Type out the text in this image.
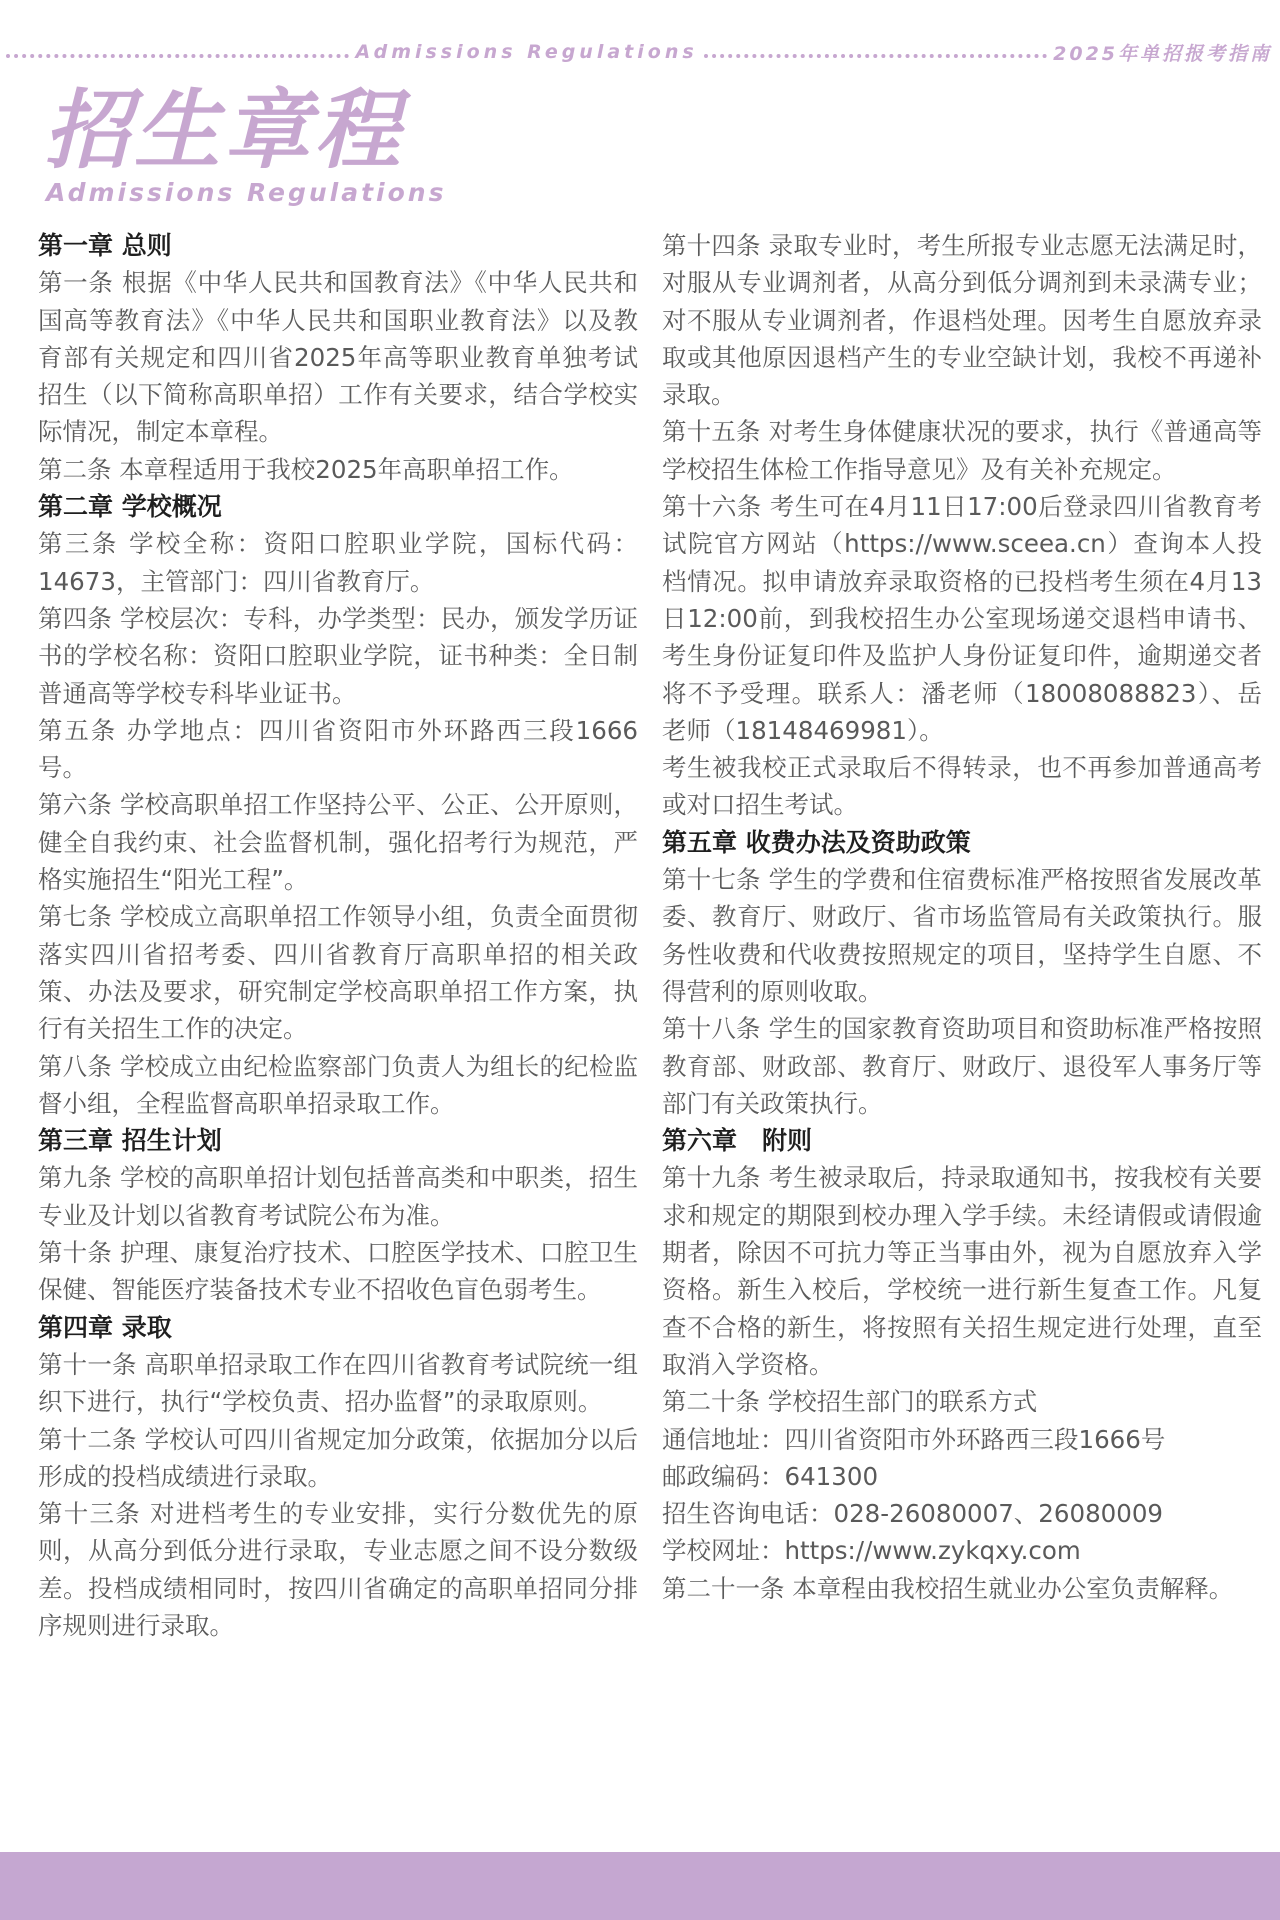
Admissions Regulations	2025年单招报考指南
招生章程
Admissions Regulations
第一章 总则

第一条 根据《中华人民共和国教育法》《中华人民共和国高等教育法》《中华人民共和国职业教育法》以及教育部有关规定和四川省2025年高等职业教育单独考试招生（以下简称高职单招）工作有关要求，结合学校实际情况，制定本章程。

第二条 本章程适用于我校2025年高职单招工作。

第二章 学校概况

第三条 学校全称：资阳口腔职业学院，国标代码：14673，主管部门：四川省教育厅。

第四条 学校层次：专科，办学类型：民办，颁发学历证书的学校名称：资阳口腔职业学院，证书种类：全日制普通高等学校专科毕业证书。

第五条 办学地点：四川省资阳市外环路西三段1666号。

第六条 学校高职单招工作坚持公平、公正、公开原则，健全自我约束、社会监督机制，强化招考行为规范，严格实施招生“阳光工程”。

第七条 学校成立高职单招工作领导小组，负责全面贯彻落实四川省招考委、四川省教育厅高职单招的相关政策、办法及要求，研究制定学校高职单招工作方案，执行有关招生工作的决定。

第八条 学校成立由纪检监察部门负责人为组长的纪检监督小组，全程监督高职单招录取工作。

第三章 招生计划

第九条 学校的高职单招计划包括普高类和中职类，招生专业及计划以省教育考试院公布为准。

第十条 护理、康复治疗技术、口腔医学技术、口腔卫生保健、智能医疗装备技术专业不招收色盲色弱考生。

第四章 录取

第十一条 高职单招录取工作在四川省教育考试院统一组织下进行，执行“学校负责、招办监督”的录取原则。

第十二条 学校认可四川省规定加分政策，依据加分以后形成的投档成绩进行录取。

第十三条 对进档考生的专业安排，实行分数优先的原则，从高分到低分进行录取，专业志愿之间不设分数级差。投档成绩相同时，按四川省确定的高职单招同分排序规则进行录取。

第十四条 录取专业时，考生所报专业志愿无法满足时，对服从专业调剂者，从高分到低分调剂到未录满专业；对不服从专业调剂者，作退档处理。因考生自愿放弃录取或其他原因退档产生的专业空缺计划，我校不再递补录取。

第十五条 对考生身体健康状况的要求，执行《普通高等学校招生体检工作指导意见》及有关补充规定。

第十六条 考生可在4月11日17:00后登录四川省教育考试院官方网站（https://www.sceea.cn）查询本人投档情况。拟申请放弃录取资格的已投档考生须在4月13日12:00前，到我校招生办公室现场递交退档申请书、考生身份证复印件及监护人身份证复印件，逾期递交者将不予受理。联系人：潘老师（18008088823）、岳老师（18148469981）。

考生被我校正式录取后不得转录，也不再参加普通高考或对口招生考试。

第五章 收费办法及资助政策

第十七条 学生的学费和住宿费标准严格按照省发展改革委、教育厅、财政厅、省市场监管局有关政策执行。服务性收费和代收费按照规定的项目，坚持学生自愿、不得营利的原则收取。

第十八条 学生的国家教育资助项目和资助标准严格按照教育部、财政部、教育厅、财政厅、退役军人事务厅等部门有关政策执行。

第六章　附则

第十九条 考生被录取后，持录取通知书，按我校有关要求和规定的期限到校办理入学手续。未经请假或请假逾期者，除因不可抗力等正当事由外，视为自愿放弃入学资格。新生入校后，学校统一进行新生复查工作。凡复查不合格的新生，将按照有关招生规定进行处理，直至取消入学资格。

第二十条 学校招生部门的联系方式

通信地址：四川省资阳市外环路西三段1666号

邮政编码：641300

招生咨询电话：028-26080007、26080009

学校网址：https://www.zykqxy.com

第二十一条 本章程由我校招生就业办公室负责解释。
